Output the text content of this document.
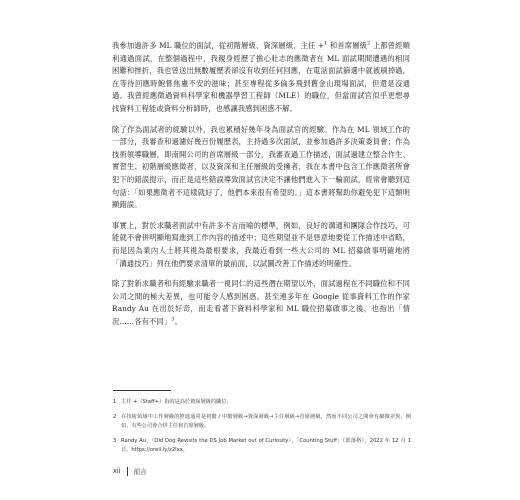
我參加過許多 ML 職位的面試，從初階層級、資深層級、主任 +$^1$ 和首席層級$^2$ 上都曾經順利通過面試，在整個過程中，我親身經歷了擔心壯志的應徵者在 ML 面試期間遭遇的相同困難和挫折，我也曾送出無數履歷表卻沒有收到任何回應，在電話面試篩選中就被刷掉過，在等待回應時飽嘗焦慮不安的滋味；甚至專程從多倫多飛到舊金山現場面試，但還是沒通過。我曾經應徵過資料科學家和機器學習工程師（MLE）的職位，但當面試官似乎更想尋找資料工程能或資料分析師時，也感讓我感到困惑不解。

除了作為面試者的經驗以外，我也累積好幾年身為面試官的經驗。作為在 ML 領域工作的一部分，我審查和過濾好幾百份履歷表，主持過多次面試，並參加過許多決策委員會；作為技術領導職層，即南開公司的首席層級一部分，我審查過工作描述，面試過建立整合作生、實習生、初階層級應徵者，以及資深和主任層級的受擁者，我在本書中包含工作應徵者所會犯下的錯誤提示，而正是這些錯誤導致面試官決定不讓他們進入下一輪面試，經常會聽到這句話：「如果應徵者不這樣就好了，他們本來很有希望的。」這本書將幫助你避免犯下這類明顯錯誤。

事實上，對於求職者面試中有許多不言而喻的標準，例如，良好的溝通和團隊合作技巧，可能就不會併明顯地寫進到工作內容的描述中；這些期望並不是惡意地要從工作描述中省略，而是因為業內人士將其視為最根要求，我最近看到一些大公司的 ML 招募啟事明確地將「溝通技巧」列在他們要求清單的最前面，以試圖改善工作描述的明確性。

除了對新求職者和有經驗求職者一視同仁的這些潛在期望以外，面試過程在不同職位和不同公司之間的極大差異，也可能令人感到困惑。甚至連多年在 Google 從事資料工作的作家 Randy Au 在出於好奇，而走看著下資料科學家和 ML 職位招募啟事之後，也指出「情況……各有不同」$^3$。

1 主任 +（Staff+）指的是高於資深層級的職位。
2 在技術領域中工作層級的推進通常是初階 / 中階層級→資深層級→主任層級→首席層級，然而不同公司之間會有細微差異，例如，有些公司會合併主任和首席層級。
3 Randy Au，〈Old Dog Revisits the DS Job Market out of Curiosity〉，「Counting Stuff」（部落格），2022 年 12 月 1 日，https://oreil.ly/z2lxx。
xii 前言
